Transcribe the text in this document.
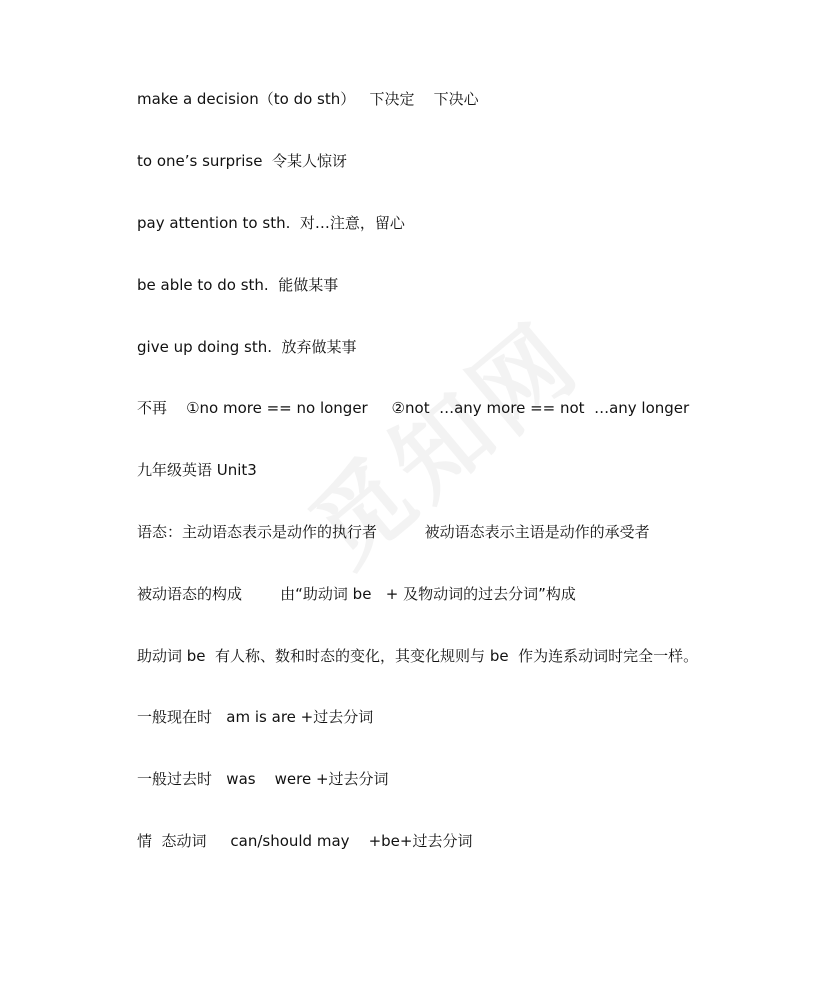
make a decision（to do sth）   下决定    下决心
to one’s surprise  令某人惊讶
pay attention to sth.  对…注意，留心
be able to do sth.  能做某事
give up doing sth.  放弃做某事
不再    ①no more == no longer     ②not  …any more == not  …any longer
九年级英语 Unit3
语态：主动语态表示是动作的执行者          被动语态表示主语是动作的承受者
被动语态的构成        由“助动词 be   + 及物动词的过去分词”构成
助动词 be  有人称、数和时态的变化，其变化规则与 be  作为连系动词时完全一样。
一般现在时   am is are +过去分词
一般过去时   was    were +过去分词
情  态动词     can/should may    +be+过去分词
